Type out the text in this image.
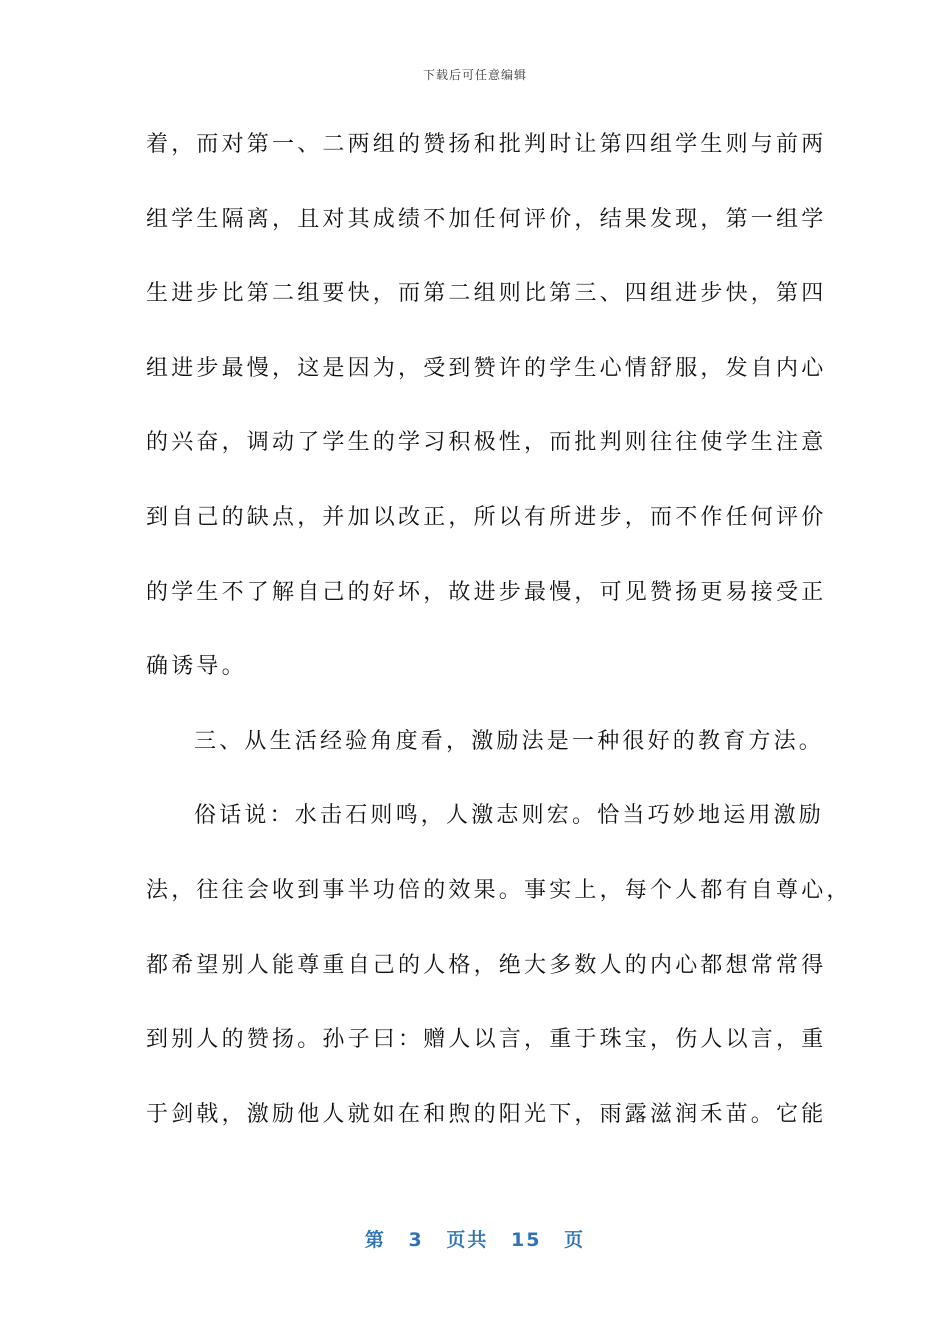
下载后可任意编辑
着，而对第一、二两组的赞扬和批判时让第四组学生则与前两
组学生隔离，且对其成绩不加任何评价，结果发现，第一组学
生进步比第二组要快，而第二组则比第三、四组进步快，第四
组进步最慢，这是因为，受到赞许的学生心情舒服，发自内心
的兴奋，调动了学生的学习积极性，而批判则往往使学生注意
到自己的缺点，并加以改正，所以有所进步，而不作任何评价
的学生不了解自己的好坏，故进步最慢，可见赞扬更易接受正
确诱导。
三、从生活经验角度看，激励法是一种很好的教育方法。
俗话说：水击石则鸣，人激志则宏。恰当巧妙地运用激励
法，往往会收到事半功倍的效果。事实上，每个人都有自尊心，
都希望别人能尊重自己的人格，绝大多数人的内心都想常常得
到别人的赞扬。孙子曰：赠人以言，重于珠宝，伤人以言，重
于剑戟，激励他人就如在和煦的阳光下，雨露滋润禾苗。它能
第 3 页共 15 页
